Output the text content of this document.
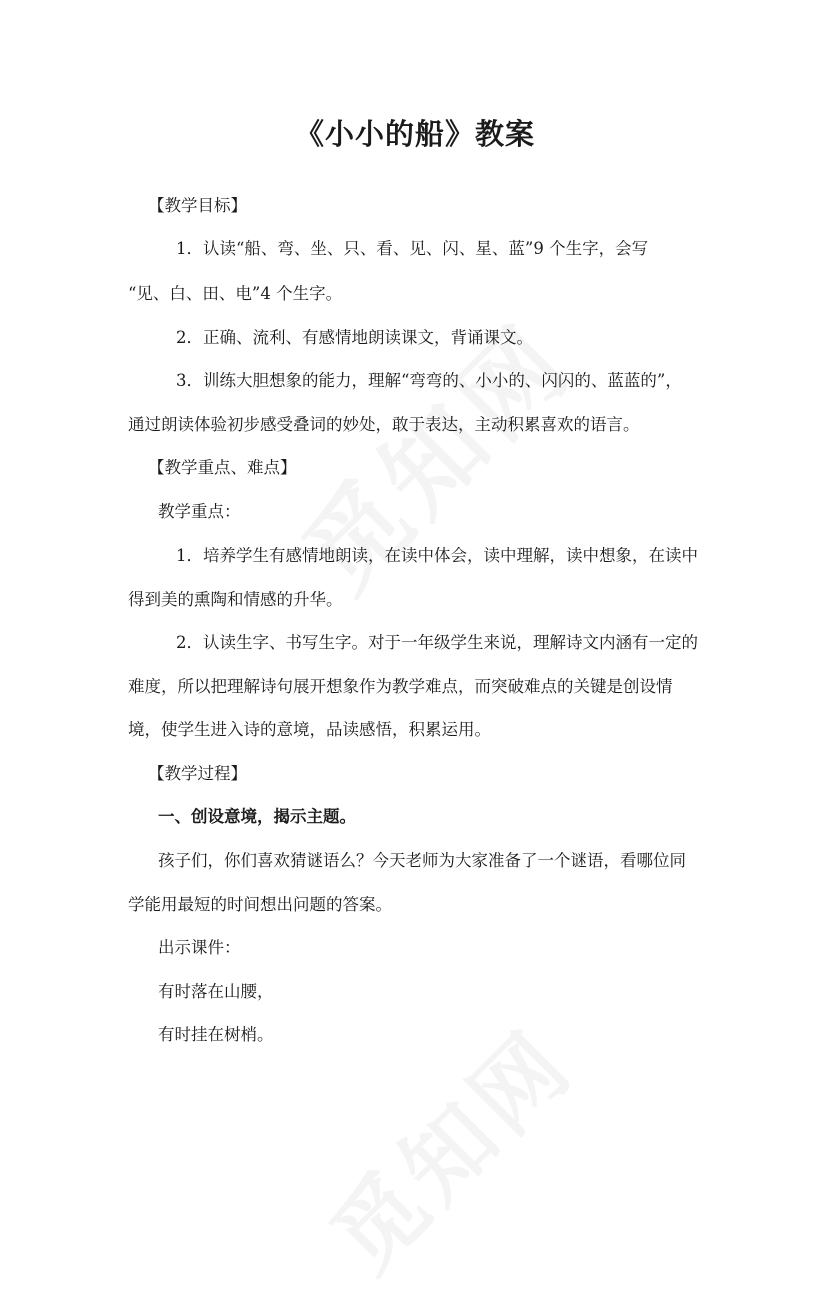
《小小的船》教案
【教学目标】
1．认读“船、弯、坐、只、看、见、闪、星、蓝”9 个生字，会写
“见、白、田、电”4 个生字。
2．正确、流利、有感情地朗读课文，背诵课文。
3．训练大胆想象的能力，理解“弯弯的、小小的、闪闪的、蓝蓝的”，
通过朗读体验初步感受叠词的妙处，敢于表达，主动积累喜欢的语言。
【教学重点、难点】
教学重点：
1．培养学生有感情地朗读，在读中体会，读中理解，读中想象，在读中
得到美的熏陶和情感的升华。
2．认读生字、书写生字。对于一年级学生来说，理解诗文内涵有一定的
难度，所以把理解诗句展开想象作为教学难点，而突破难点的关键是创设情
境，使学生进入诗的意境，品读感悟，积累运用。
【教学过程】
一、创设意境，揭示主题。
孩子们，你们喜欢猜谜语么？今天老师为大家准备了一个谜语，看哪位同
学能用最短的时间想出问题的答案。
出示课件：
有时落在山腰，
有时挂在树梢。
